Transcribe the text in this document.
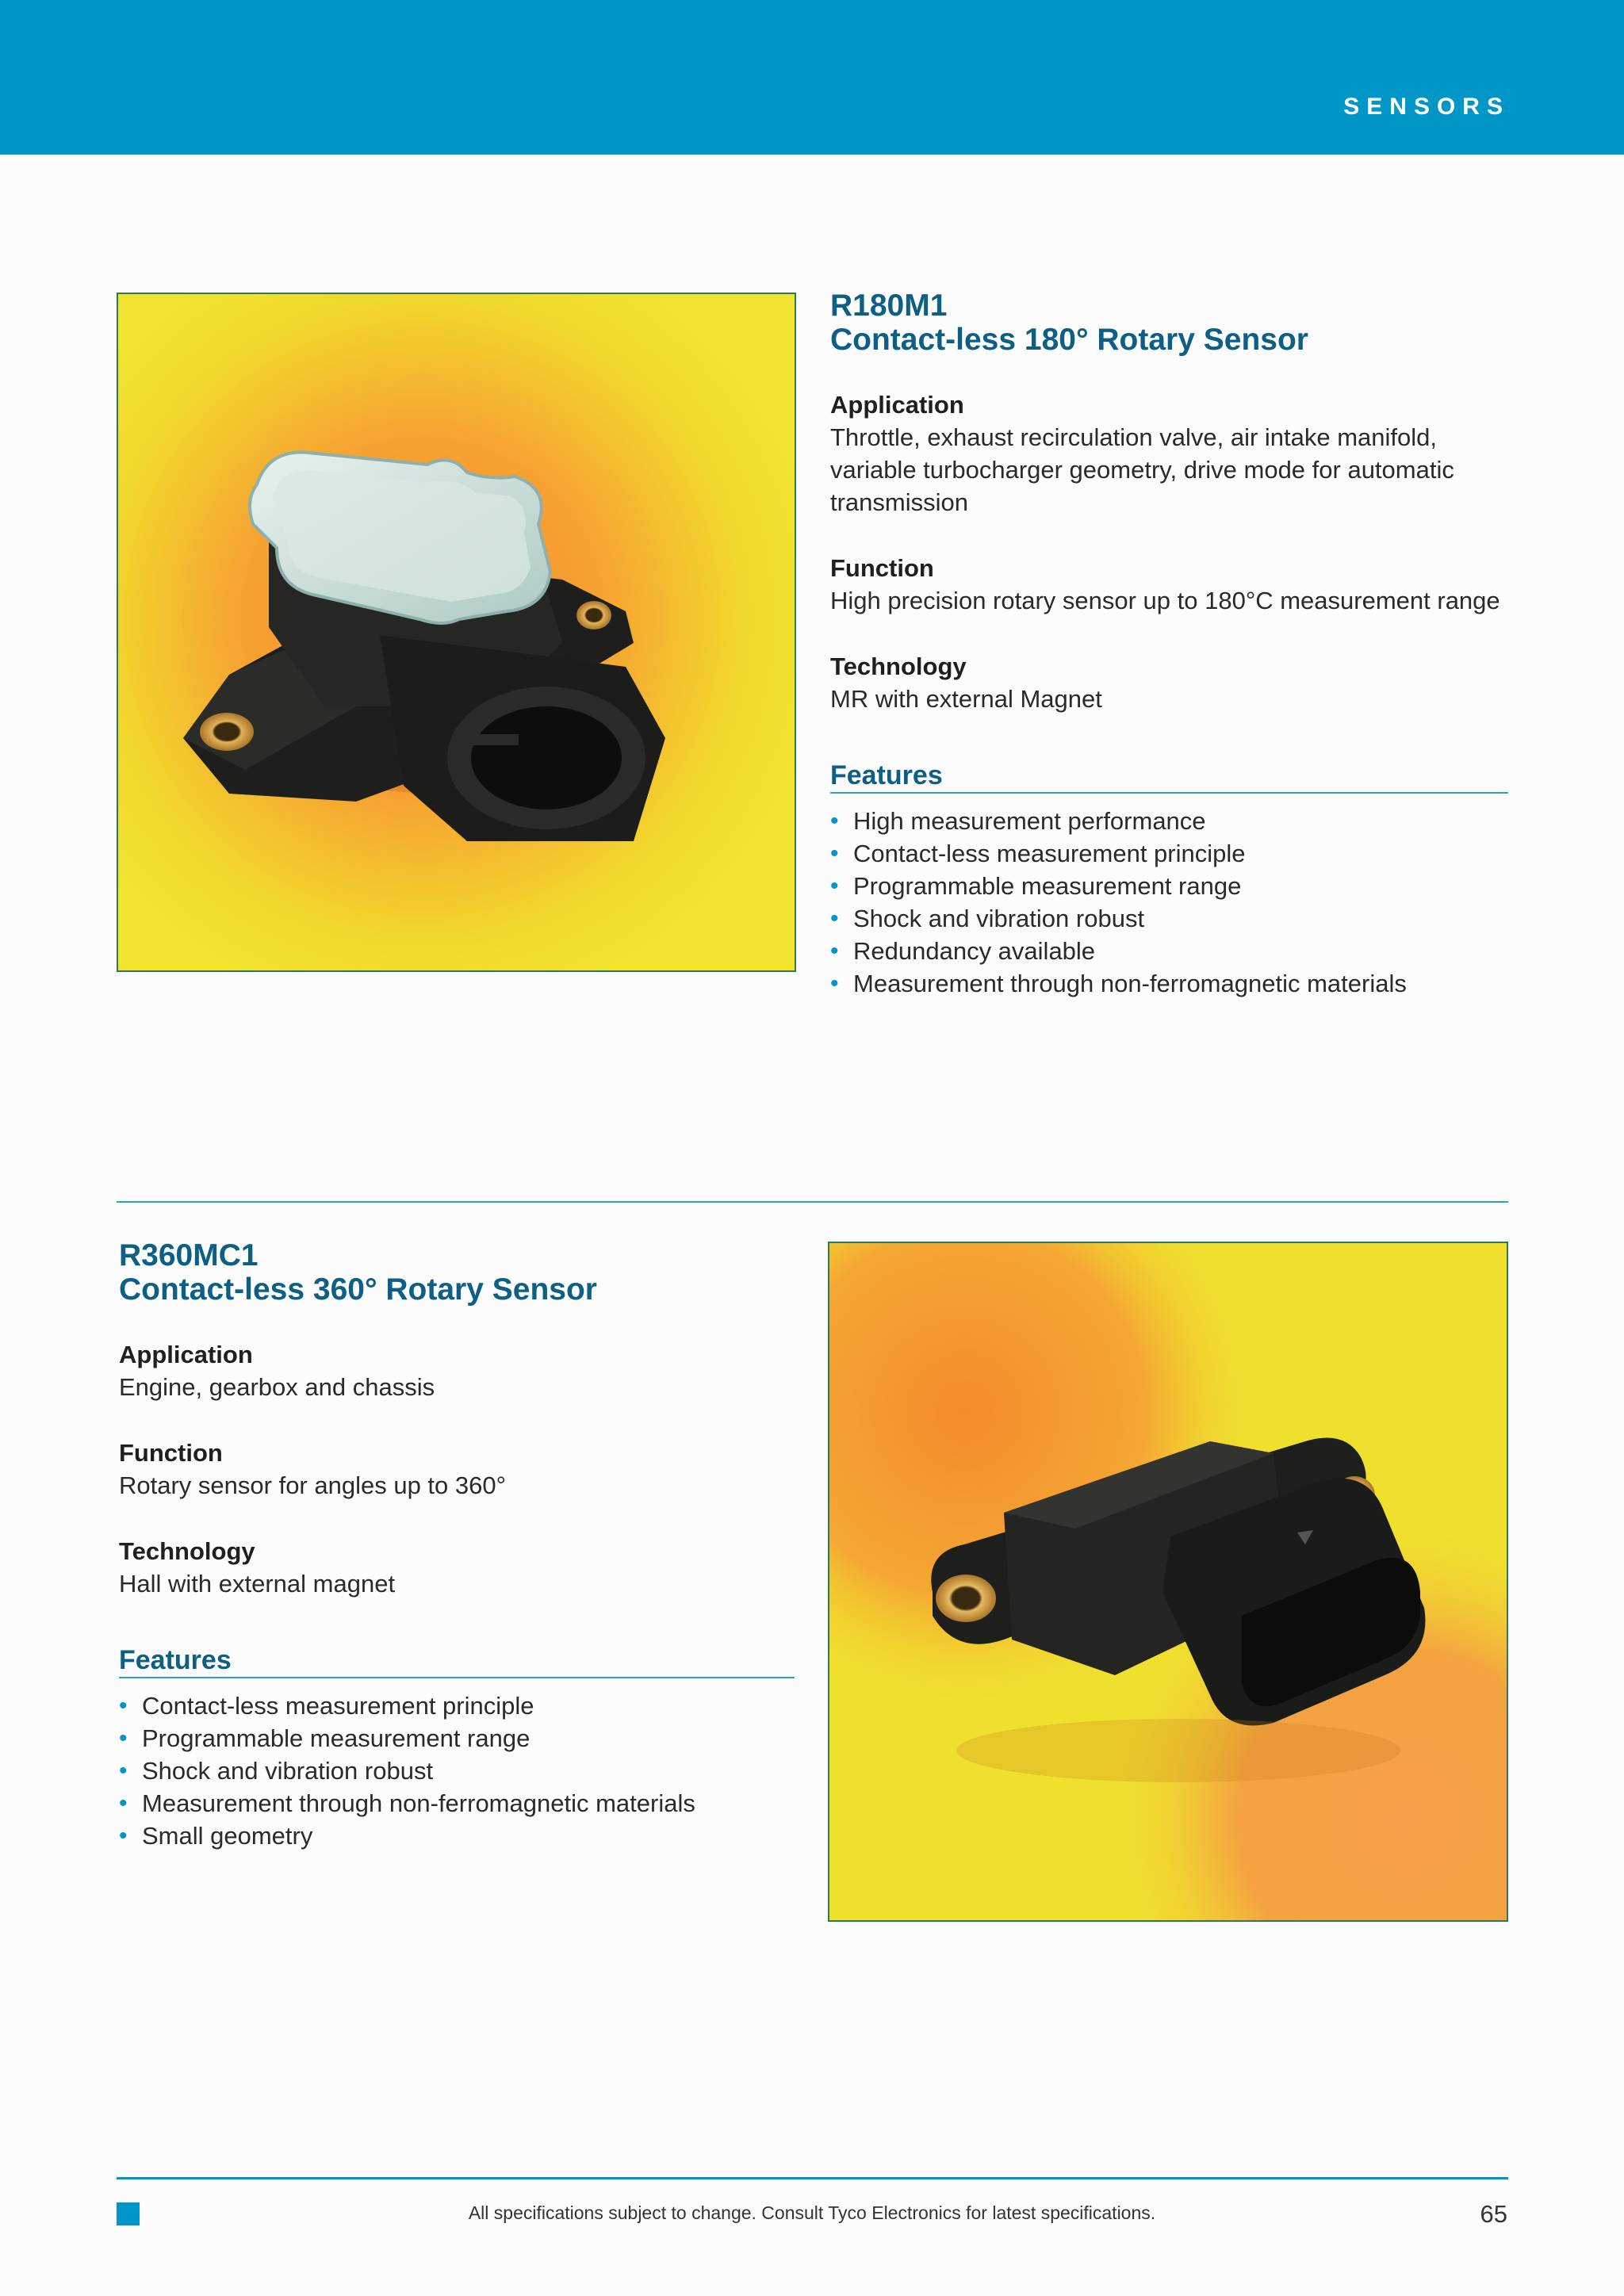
SENSORS
R180M1
Contact-less 180° Rotary Sensor

Application

Throttle, exhaust recirculation valve, air intake manifold, variable turbocharger geometry, drive mode for automatic transmission

Function

High precision rotary sensor up to 180°C measurement range

Technology

MR with external Magnet

Features
• High measurement performance
• Contact-less measurement principle
• Programmable measurement range
• Shock and vibration robust
• Redundancy available
• Measurement through non-ferromagnetic materials
R360MC1
Contact-less 360° Rotary Sensor

Application

Engine, gearbox and chassis

Function

Rotary sensor for angles up to 360°

Technology

Hall with external magnet

Features
• Contact-less measurement principle
• Programmable measurement range
• Shock and vibration robust
• Measurement through non-ferromagnetic materials
• Small geometry
All specifications subject to change. Consult Tyco Electronics for latest specifications.	65
